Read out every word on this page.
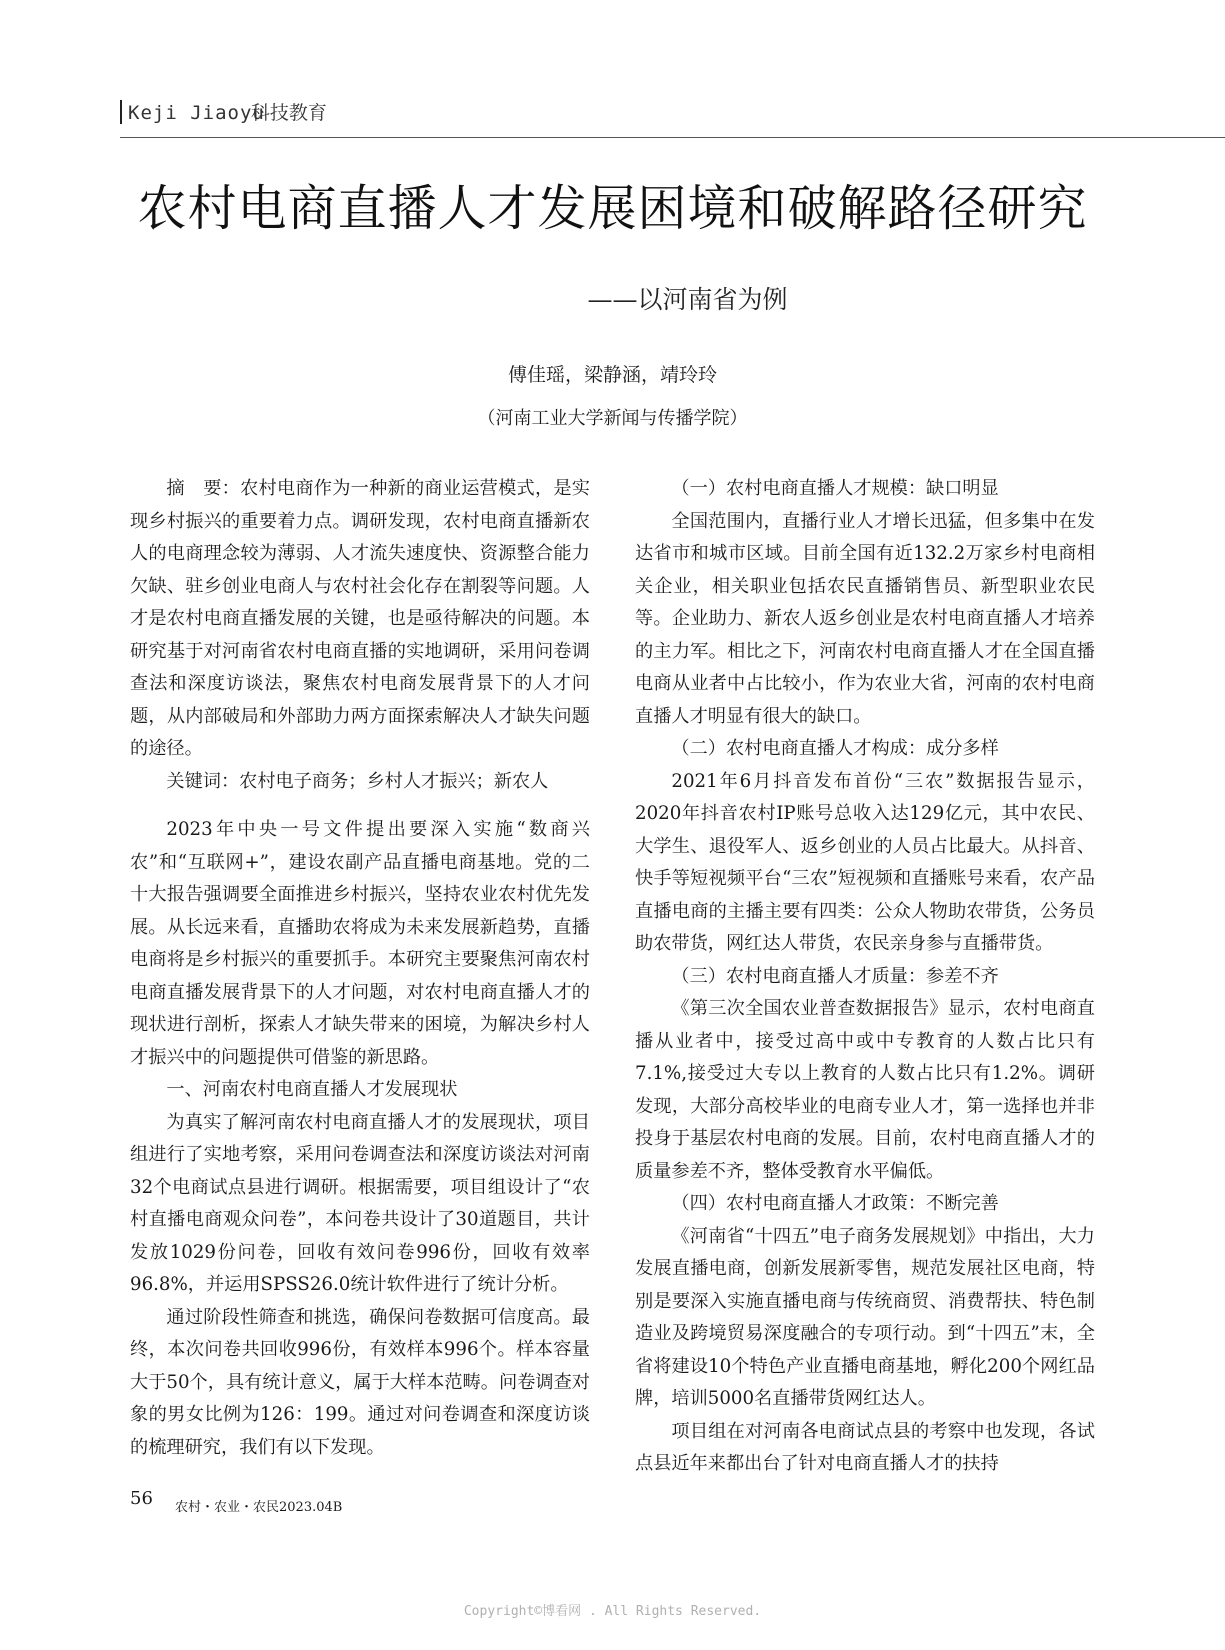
Keji Jiaoyu科技教育
农村电商直播人才发展困境和破解路径研究
——以河南省为例
傅佳瑶，梁静涵，靖玲玲
（河南工业大学新闻与传播学院）

摘　要：农村电商作为一种新的商业运营模式，是实现乡村振兴的重要着力点。调研发现，农村电商直播新农人的电商理念较为薄弱、人才流失速度快、资源整合能力欠缺、驻乡创业电商人与农村社会化存在割裂等问题。人才是农村电商直播发展的关键，也是亟待解决的问题。本研究基于对河南省农村电商直播的实地调研，采用问卷调查法和深度访谈法，聚焦农村电商发展背景下的人才问题，从内部破局和外部助力两方面探索解决人才缺失问题的途径。

关键词：农村电子商务；乡村人才振兴；新农人

2023年中央一号文件提出要深入实施“数商兴农”和“互联网+”，建设农副产品直播电商基地。党的二十大报告强调要全面推进乡村振兴，坚持农业农村优先发展。从长远来看，直播助农将成为未来发展新趋势，直播电商将是乡村振兴的重要抓手。本研究主要聚焦河南农村电商直播发展背景下的人才问题，对农村电商直播人才的现状进行剖析，探索人才缺失带来的困境，为解决乡村人才振兴中的问题提供可借鉴的新思路。

一、河南农村电商直播人才发展现状

为真实了解河南农村电商直播人才的发展现状，项目组进行了实地考察，采用问卷调查法和深度访谈法对河南32个电商试点县进行调研。根据需要，项目组设计了“农村直播电商观众问卷”，本问卷共设计了30道题目，共计发放1029份问卷，回收有效问卷996份，回收有效率96.8%，并运用SPSS26.0统计软件进行了统计分析。

通过阶段性筛查和挑选，确保问卷数据可信度高。最终，本次问卷共回收996份，有效样本996个。样本容量大于50个，具有统计意义，属于大样本范畴。问卷调查对象的男女比例为126：199。通过对问卷调查和深度访谈的梳理研究，我们有以下发现。

（一）农村电商直播人才规模：缺口明显

全国范围内，直播行业人才增长迅猛，但多集中在发达省市和城市区域。目前全国有近132.2万家乡村电商相关企业，相关职业包括农民直播销售员、新型职业农民等。企业助力、新农人返乡创业是农村电商直播人才培养的主力军。相比之下，河南农村电商直播人才在全国直播电商从业者中占比较小，作为农业大省，河南的农村电商直播人才明显有很大的缺口。

（二）农村电商直播人才构成：成分多样

2021年6月抖音发布首份“三农”数据报告显示，2020年抖音农村IP账号总收入达129亿元，其中农民、大学生、退役军人、返乡创业的人员占比最大。从抖音、快手等短视频平台“三农”短视频和直播账号来看，农产品直播电商的主播主要有四类：公众人物助农带货，公务员助农带货，网红达人带货，农民亲身参与直播带货。

（三）农村电商直播人才质量：参差不齐

《第三次全国农业普查数据报告》显示，农村电商直播从业者中，接受过高中或中专教育的人数占比只有7.1%,接受过大专以上教育的人数占比只有1.2%。调研发现，大部分高校毕业的电商专业人才，第一选择也并非投身于基层农村电商的发展。目前，农村电商直播人才的质量参差不齐，整体受教育水平偏低。

（四）农村电商直播人才政策：不断完善

《河南省“十四五”电子商务发展规划》中指出，大力发展直播电商，创新发展新零售，规范发展社区电商，特别是要深入实施直播电商与传统商贸、消费帮扶、特色制造业及跨境贸易深度融合的专项行动。到“十四五”末，全省将建设10个特色产业直播电商基地，孵化200个网红品牌，培训5000名直播带货网红达人。

项目组在对河南各电商试点县的考察中也发现，各试点县近年来都出台了针对电商直播人才的扶持

56 农村・农业・农民2023.04B
Copyright©博看网 . All Rights Reserved.
